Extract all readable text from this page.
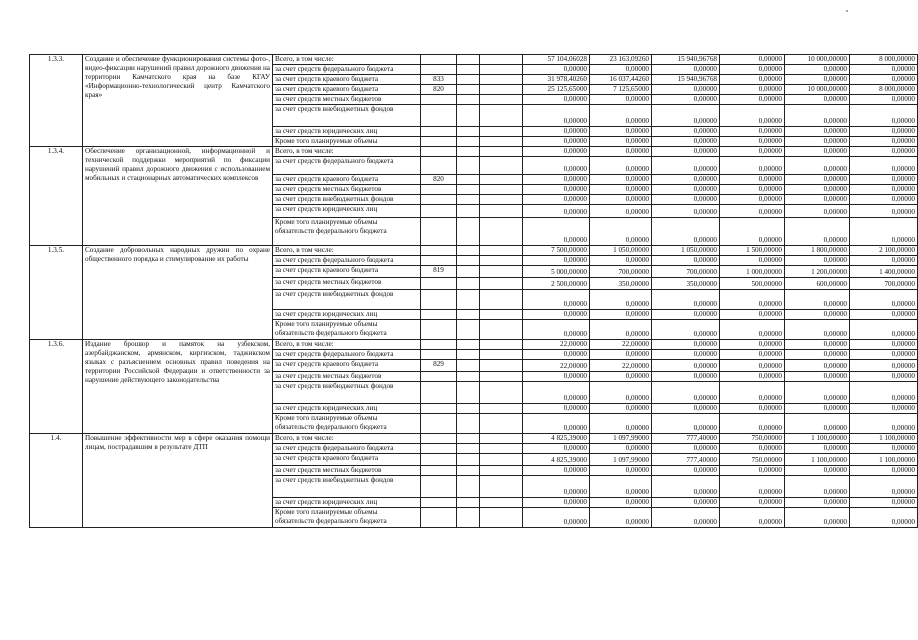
1.3.3.	Создание и обеспечение функционирования системы фото-, видео-фиксации нарушений правил дорожного движения на территории Камчатского края на базе КГАУ «Информационно-технологический центр Камчатского края»	Всего, в том числе:				57 104,06028	23 163,09260	15 940,96768	0,00000	10 000,00000	8 000,00000
		за счет средств федерального бюджета				0,00000	0,00000	0,00000	0,00000	0,00000	0,00000
		за счет средств краевого бюджета	833			31 978,40260	16 037,44260	15 940,96768	0,00000	0,00000	0,00000
		за счет средств краевого бюджета	820			25 125,65000	7 125,65000	0,00000	0,00000	10 000,00000	8 000,00000
		за счет средств местных бюджетов				0,00000	0,00000	0,00000	0,00000	0,00000	0,00000
		за счет средств внебюджетных фондов				0,00000	0,00000	0,00000	0,00000	0,00000	0,00000
		за счет средств юридических лиц				0,00000	0,00000	0,00000	0,00000	0,00000	0,00000
		Кроме того планируемые объемы				0,00000	0,00000	0,00000	0,00000	0,00000	0,00000
1.3.4.	Обеспечение организационной, информационной и технической поддержки мероприятий по фиксации нарушений правил дорожного движения с использованием мобильных и стационарных автоматических комплексов	Всего, в том числе:				0,00000	0,00000	0,00000	0,00000	0,00000	0,00000
		за счет средств федерального бюджета				0,00000	0,00000	0,00000	0,00000	0,00000	0,00000
		за счет средств краевого бюджета	820			0,00000	0,00000	0,00000	0,00000	0,00000	0,00000
		за счет средств местных бюджетов				0,00000	0,00000	0,00000	0,00000	0,00000	0,00000
		за счет средств внебюджетных фондов				0,00000	0,00000	0,00000	0,00000	0,00000	0,00000
		за счет средств юридических лиц				0,00000	0,00000	0,00000	0,00000	0,00000	0,00000
		Кроме того планируемые объемы обязательств федерального бюджета				0,00000	0,00000	0,00000	0,00000	0,00000	0,00000
1.3.5.	Создание добровольных народных дружин по охране общественного порядка и стимулирование их работы	Всего, в том числе:				7 500,00000	1 050,00000	1 050,00000	1 500,00000	1 800,00000	2 100,00000
		за счет средств федерального бюджета				0,00000	0,00000	0,00000	0,00000	0,00000	0,00000
		за счет средств краевого бюджета	819			5 000,00000	700,00000	700,00000	1 000,00000	1 200,00000	1 400,00000
		за счет средств местных бюджетов				2 500,00000	350,00000	350,00000	500,00000	600,00000	700,00000
		за счет средств внебюджетных фондов				0,00000	0,00000	0,00000	0,00000	0,00000	0,00000
		за счет средств юридических лиц				0,00000	0,00000	0,00000	0,00000	0,00000	0,00000
		Кроме того планируемые объемы обязательств федерального бюджета				0,00000	0,00000	0,00000	0,00000	0,00000	0,00000
1.3.6.	Издание брошюр и памяток на узбекском, азербайджанском, армянском, киргизском, таджикском языках с разъяснением основных правил поведения на территории Российской Федерации и ответственности за нарушение действующего законодательства	Всего, в том числе:				22,00000	22,00000	0,00000	0,00000	0,00000	0,00000
		за счет средств федерального бюджета				0,00000	0,00000	0,00000	0,00000	0,00000	0,00000
		за счет средств краевого бюджета	829			22,00000	22,00000	0,00000	0,00000	0,00000	0,00000
		за счет средств местных бюджетов				0,00000	0,00000	0,00000	0,00000	0,00000	0,00000
		за счет средств внебюджетных фондов				0,00000	0,00000	0,00000	0,00000	0,00000	0,00000
		за счет средств юридических лиц				0,00000	0,00000	0,00000	0,00000	0,00000	0,00000
		Кроме того планируемые объемы обязательств федерального бюджета				0,00000	0,00000	0,00000	0,00000	0,00000	0,00000
1.4.	Повышение эффективности мер в сфере оказания помощи лицам, пострадавшим в результате ДТП	Всего, в том числе:				4 825,39000	1 097,99000	777,40000	750,00000	1 100,00000	1 100,00000
		за счет средств федерального бюджета				0,00000	0,00000	0,00000	0,00000	0,00000	0,00000
		за счет средств краевого бюджета				4 825,39000	1 097,99000	777,40000	750,00000	1 100,00000	1 100,00000
		за счет средств местных бюджетов				0,00000	0,00000	0,00000	0,00000	0,00000	0,00000
		за счет средств внебюджетных фондов				0,00000	0,00000	0,00000	0,00000	0,00000	0,00000
		за счет средств юридических лиц				0,00000	0,00000	0,00000	0,00000	0,00000	0,00000
		Кроме того планируемые объемы обязательств федерального бюджета				0,00000	0,00000	0,00000	0,00000	0,00000	0,00000
